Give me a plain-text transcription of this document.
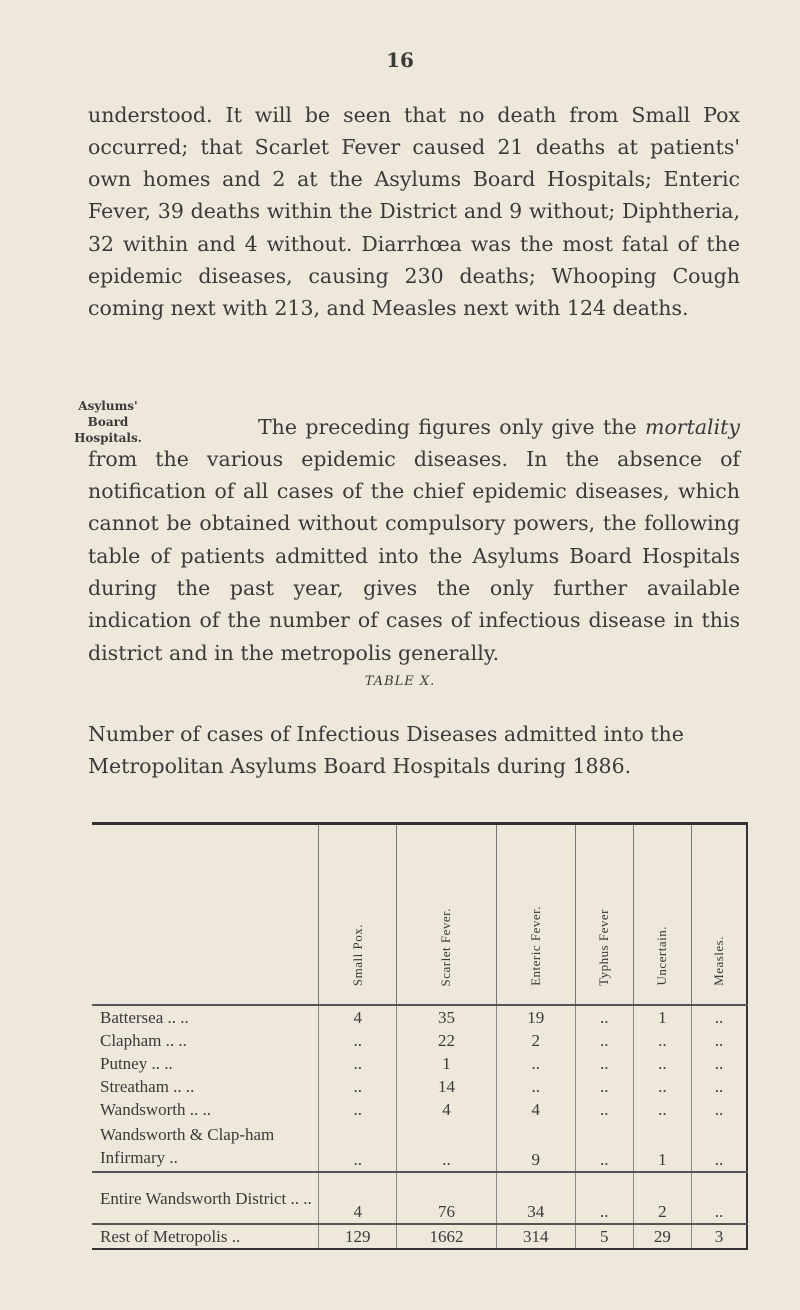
16

understood. It will be seen that no death from Small Pox occurred; that Scarlet Fever caused 21 deaths at patients' own homes and 2 at the Asylums Board Hospitals; Enteric Fever, 39 deaths within the District and 9 without; Diphtheria, 32 within and 4 without. Diarrhœa was the most fatal of the epidemic diseases, causing 230 deaths; Whooping Cough coming next with 213, and Measles next with 124 deaths.

Asylums' Board Hospitals.	The preceding figures only give the mortality from the various epidemic diseases. In the absence of notification of all cases of the chief epidemic diseases, which cannot be obtained without compulsory powers, the following table of patients admitted into the Asylums Board Hospitals during the past year, gives the only further available indication of the number of cases of infectious disease in this district and in the metropolis generally.

TABLE X.
Number of cases of Infectious Diseases admitted into the Metropolitan Asylums Board Hospitals during 1886.
	Small Pox.	Scarlet Fever.	Enteric Fever.	Typhus Fever	Uncertain.	Measles.
Battersea .. ..	4	35	19	..	1	..
Clapham .. ..	..	22	2	..	..	..
Putney .. ..	..	1	..	..	..	..
Streatham .. ..	..	14	..	..	..	..
Wandsworth .. ..	..	4	4	..	..	..
Wandsworth & Clap-ham Infirmary ..	..	..	9	..	1	..
Entire Wandsworth District .. ..	4	76	34	..	2	..
Rest of Metropolis ..	129	1662	314	5	29	3
